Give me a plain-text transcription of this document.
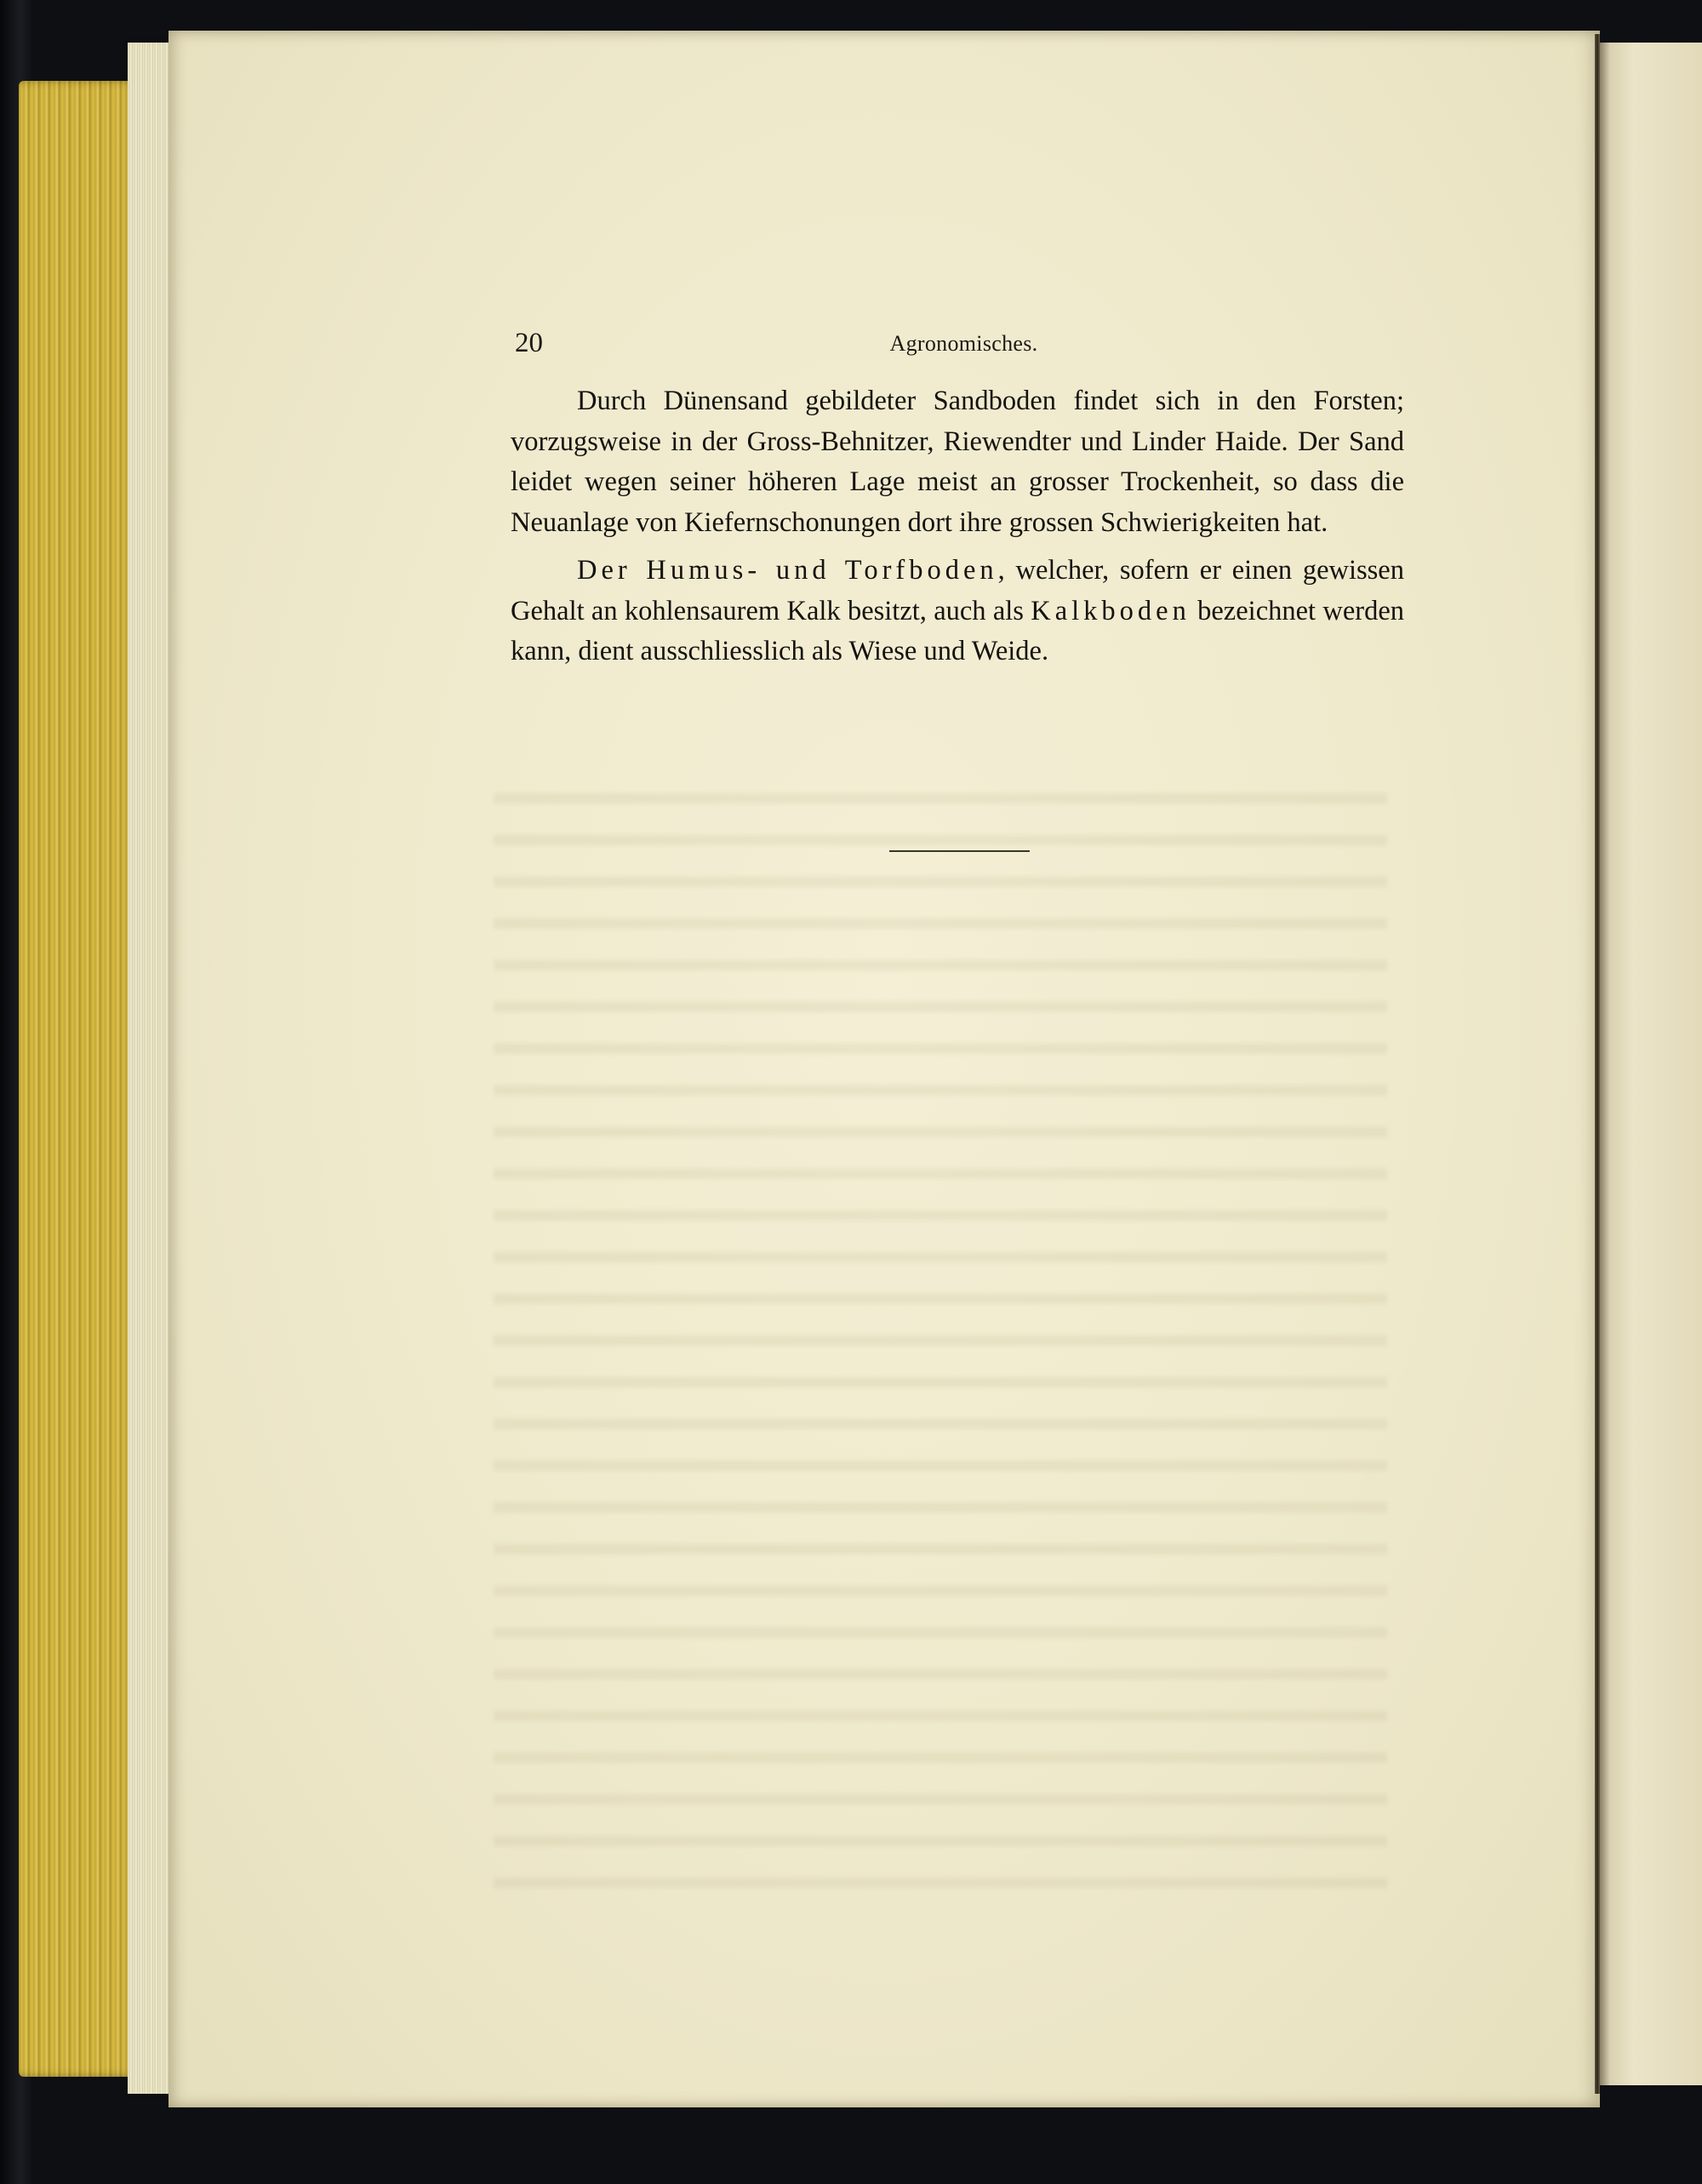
20	Agronomisches.

Durch Dünensand gebildeter Sandboden findet sich in den Forsten; vorzugsweise in der Gross-Behnitzer, Riewendter und Linder Haide. Der Sand leidet wegen seiner höheren Lage meist an grosser Trockenheit, so dass die Neuanlage von Kiefernschonungen dort ihre grossen Schwierigkeiten hat.

Der Humus- und Torfboden, welcher, sofern er einen gewissen Gehalt an kohlensaurem Kalk besitzt, auch als Kalkboden bezeichnet werden kann, dient ausschliesslich als Wiese und Weide.
